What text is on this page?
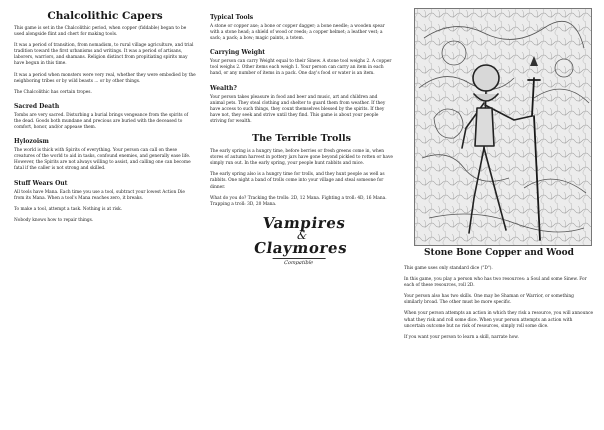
Chalcolithic Capers

This game is set in the Chalcolithic period, when copper (fiddable) began to be used alongside flint and chert for making tools.

It was a period of transition, from nomadism, to rural village agriculture, and trial tradition toward the first urbanisms and writings. It was a period of artisans, laborers, warriors, and shamans. Religion distinct from propitiating spirits may have begun in this time.

It was a period when monsters were very real, whether they were embodied by the neighboring tribes or by wild beasts ... or by other things.

The Chalcolithic has certain tropes.

Sacred Death

Tombs are very sacred. Disturbing a burial brings vengeance from the spirits of the dead. Goods both mundane and precious are buried with the deceased to comfort, honor, and/or appease them.

Hylozoism

The world is thick with Spirits of everything. Your person can call on these creatures of the world to aid in tasks, confound enemies, and generally ease life. However, the Spirits are not always willing to assist, and calling one can become fatal if the caller is not strong and skilled.

Stuff Wears Out

All tools have Mana. Each time you use a tool, subtract your lowest Action Die from its Mana. When a tool's Mana reaches zero, it breaks.

To make a tool, attempt a task. Nothing is at risk.

Nobody knows how to repair things.

Typical Tools

A stone or copper axe; a bone or copper dagger; a bone needle; a wooden spear with a stone head; a shield of wood or reeds; a copper helmet; a leather vest; a sack; a pack; a bow; magic paints, a totem.

Carrying Weight

Your person can carry Weight equal to their Sinew. A stone tool weighs 2. A copper tool weighs 2. Other items each weigh 1. Your person can carry an item in each hand, or any number of items in a pack. One day's food or water is an item.

Wealth?

Your person takes pleasure in food and beer and music, art and children and animal pets. They steal clothing and shelter to guard them from weather. If they have access to such things, they count themselves blessed by the spirits. If they have not, they seek and strive until they find. This game is about your people striving for wealth.

The Terrible Trolls

The early spring is a hungry time, before berries or fresh greens come in, when stores of autumn harvest in pottery jars have gone beyond pickled to rotten or have simply run out. In the early spring, your people hunt rabbits and mice.

The early spring also is a hungry time for trolls, and they hunt people as well as rabbits. One night a band of trolls come into your village and steal someone for dinner.

What do you do? Tracking the trolls: 2D, 12 Mana. Fighting a troll: 4D, 16 Mana. Trapping a troll: 3D, 20 Mana.

Vampires
&
Claymores
Compatible
Stone Bone Copper and Wood

This game uses only standard dice ("D").

In this game, you play a person who has two resources: a Soul and some Sinew. For each of these resources, roll 2D.

Your person also has two skills. One may be Shaman or Warrior, or something similarly broad. The other must be more specific.

When your person attempts an action in which they risk a resource, you will announce what they risk and roll some dice. When your person attempts an action with uncertain outcome but no risk of resources, simply roll some dice.

If you want your person to learn a skill, narrate how.
